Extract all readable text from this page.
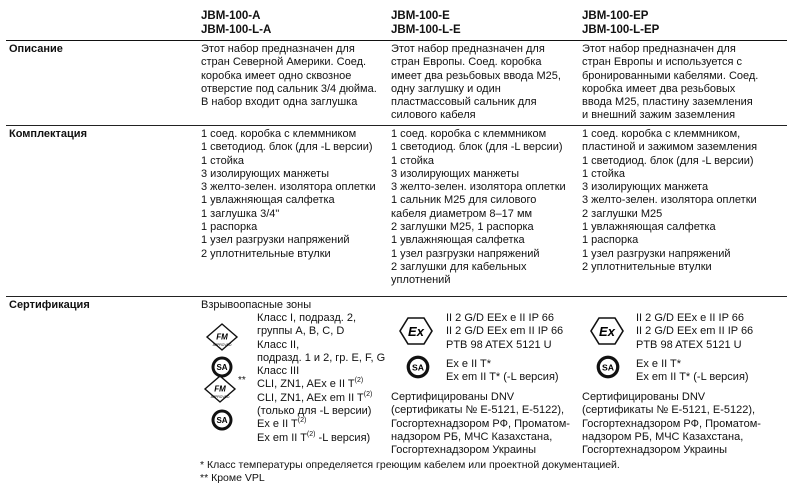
JBM-100-A
JBM-100-L-A
JBM-100-E
JBM-100-L-E
JBM-100-EP
JBM-100-L-EP
Описание
Комплектация
Сертификация
Этот набор предназначен для
стран Северной Америки. Соед.
коробка имеет одно сквозное
отверстие под сальник 3/4 дюйма.
В набор входит одна заглушка
Этот набор предназначен для
стран Европы. Соед. коробка
имеет два резьбовых ввода M25,
одну заглушку и один
пластмассовый сальник для
силового кабеля
Этот набор предназначен для
стран Европы и используется с
бронированными кабелями. Соед.
коробка имеет два резьбовых
ввода M25, пластину заземления
и внешний зажим заземления
1 соед. коробка с клеммником
1 светодиод. блок (для -L версии)
1 стойка
3 изолирующих манжеты
3 желто-зелен. изолятора оплетки
1 увлажняющая салфетка
1 заглушка 3/4"
1 распорка
1 узел разгрузки напряжений
2 уплотнительные втулки
1 соед. коробка с клеммником
1 светодиод. блок (для -L версии)
1 стойка
3 изолирующих манжеты
3 желто-зелен. изолятора оплетки
1 сальник M25 для силового
кабеля диаметром 8–17 мм
2 заглушки M25, 1 распорка
1 увлажняющая салфетка
1 узел разгрузки напряжений
2 заглушки для кабельных
уплотнений
1 соед. коробка с клеммником,
пластиной и зажимом заземления
1 светодиод. блок (для -L версии)
1 стойка
3 изолирующих манжета
3 желто-зелен. изолятора оплетки
2 заглушки M25
1 увлажняющая салфетка
1 распорка
1 узел разгрузки напряжений
2 уплотнительные втулки
Взрывоопасные зоны
FM
APPROVED
SA
FM
APPROVED
**
SA
Класс I, подразд. 2,
группы A, B, C, D
Класс II,
подразд. 1 и 2, гр. E, F, G
Класс III
CLI, ZN1, AEx e II $T^{(2)}$
CLI, ZN1, AEx em II $T^{(2)}$
(только для -L версии)
Ex e II $T^{(2)}$
Ex em II $T^{(2)}$ -L версия)
Ex
II 2 G/D EEx e II IP 66
II 2 G/D EEx em II IP 66
PTB 98 ATEX 5121 U
SA Ex e II T*
Ex em II T* (-L версия)
Сертифицированы DNV
(сертификаты № E-5121, E-5122),
Госгортехнадзором РФ, Проматом-
надзором РБ, МЧС Казахстана,
Госгортехнадзором Украины
Ex
II 2 G/D EEx e II IP 66
II 2 G/D EEx em II IP 66
PTB 98 ATEX 5121 U
SA Ex e II T*
Ex em II T* (-L версия)
Сертифицированы DNV
(сертификаты № E-5121, E-5122),
Госгортехнадзором РФ, Проматом-
надзором РБ, МЧС Казахстана,
Госгортехнадзором Украины
* Класс температуры определяется греющим кабелем или проектной документацией.
** Кроме VPL
